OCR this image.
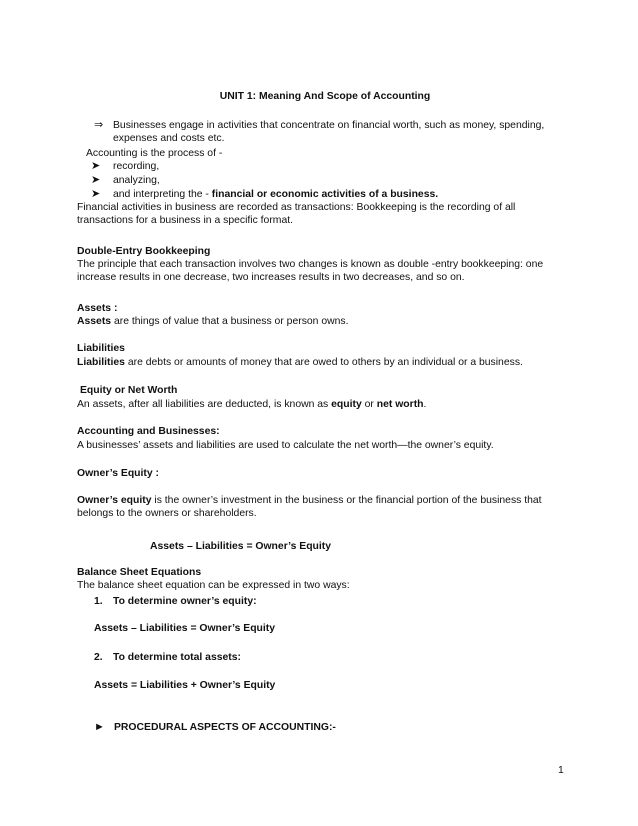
UNIT 1: Meaning And Scope of Accounting
⇒ Businesses engage in activities that concentrate on financial worth, such as money, spending, expenses and costs etc.
Accounting is the process of -
➤ recording,
➤ analyzing,
➤ and interpreting the - financial or economic activities of a business.
Financial activities in business are recorded as transactions: Bookkeeping is the recording of all transactions for a business in a specific format.
Double-Entry Bookkeeping
The principle that each transaction involves two changes is known as double -entry bookkeeping: one increase results in one decrease, two increases results in two decreases, and so on.
Assets :
Assets are things of value that a business or person owns.
Liabilities
Liabilities are debts or amounts of money that are owed to others by an individual or a business.
Equity or Net Worth
An assets, after all liabilities are deducted, is known as equity or net worth.
Accounting and Businesses:
A businesses’ assets and liabilities are used to calculate the net worth—the owner’s equity.
Owner’s Equity :
Owner’s equity is the owner’s investment in the business or the financial portion of the business that belongs to the owners or shareholders.
Assets – Liabilities = Owner’s Equity
Balance Sheet Equations
The balance sheet equation can be expressed in two ways:
1. To determine owner’s equity:
Assets – Liabilities = Owner’s Equity
2. To determine total assets:
Assets = Liabilities + Owner’s Equity
► PROCEDURAL ASPECTS OF ACCOUNTING:-
1
